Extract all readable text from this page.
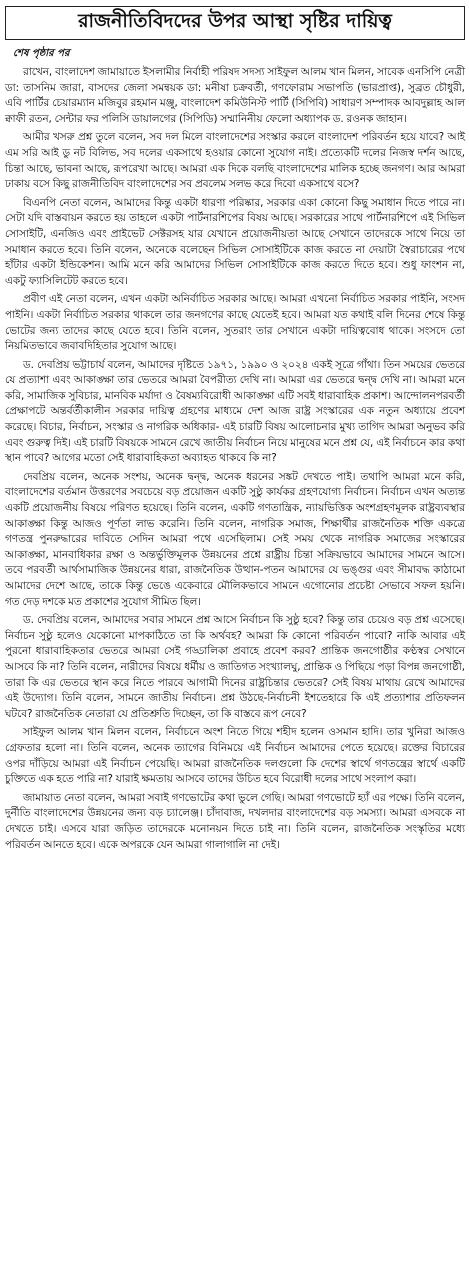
রাজনীতিবিদদের উপর আস্থা সৃষ্টির দায়িত্ব
শেষ পৃষ্ঠার পর

রাখেন, বাংলাদেশ জামায়াতে ইসলামীর নির্বাহী পরিষদ সদস্য সাইফুল আলম খান মিলন, সাবেক এনসিপি নেত্রী ডা: তাসনিম জারা, বাসদের জেলা সমন্বয়ক ডা: মনীষা চক্রবর্তী, গণফোরাম সভাপতি (ভারপ্রাপ্ত), সুব্রত চৌধুরী, এবি পার্টির চেয়ারম্যান মজিবুর রহমান মঞ্জু, বাংলাদেশ কমিউনিস্ট পার্টি (সিপিবি) সাধারণ সম্পাদক আবদুল্লাহ আল ক্বাফী রতন, সেন্টার ফর পলিসি ডায়ালগের (সিপিডি) সম্মানিনীয় ফেলো অধ্যাপক ড. রওনক জাহান।

আমীর খসরু প্রশ্ন তুলে বলেন, সব দল মিলে বাংলাদেশের সংস্কার করলে বাংলাদেশ পরিবর্তন হয়ে যাবে? আই এম সরি আই ডু নট বিলিভ, সব দলের একসাথে হওয়ার কোনো সুযোগ নাই। প্রত্যেকটি দলের নিজস্ব দর্শন আছে, চিন্তা আছে, ভাবনা আছে, রূপরেখা আছে। আমরা এক দিকে বলছি বাংলাদেশের মালিক হচ্ছে জনগণ। আর আমরা ঢাকায় বসে কিছু রাজনীতিবিদ বাংলাদেশের সব প্রবলেম সলভ করে দিবো একসাথে বসে?

বিএনপি নেতা বলেন, আমাদের কিন্তু একটা ধারণা পরিষ্কার, সরকার একা কোনো কিছু সমাধান দিতে পারে না। সেটা যদি বাস্তবায়ন করতে হয় তাহলে একটা পার্টনারশিপের বিষয় আছে। সরকারের সাথে পার্টনারশিপে এই সিভিল সোসাইটি, এনজিও এবং প্রাইভেট সেক্টরসহ যার যেখানে প্রয়োজনীয়তা আছে সেখানে তাদেরকে সাথে নিয়ে তা সমাধান করতে হবে। তিনি বলেন, অনেকে বলেছেন সিভিল সোসাইটিকে কাজ করতে না দেয়াটা স্বৈরাচারের পথে হাঁটার একটা ইন্ডিকেশন। আমি মনে করি আমাদের সিভিল সোসাইটিকে কাজ করতে দিতে হবে। শুধু ফাংশন না, একটু ফ্যাসিলিটেট করতে হবে।

প্রবীণ এই নেতা বলেন, এখন একটা অনির্বাচিত সরকার আছে। আমরা এখনো নির্বাচিত সরকার পাইনি, সংসদ পাইনি। একটা নির্বাচিত সরকার থাকলে তার জনগণের কাছে যেতেই হবে। আমরা যত কথাই বলি দিনের শেষে কিন্তু ভোটের জন্য তাদের কাছে যেতে হবে। তিনি বলেন, সুতরাং তার সেখানে একটা দায়িত্ববোধ থাকে। সংসদে তো নিয়মিতভাবে জবাবদিহিতার সুযোগ আছে।

ড. দেবপ্রিয় ভট্টাচার্য বলেন, আমাদের দৃষ্টিতে ১৯৭১, ১৯৯০ ও ২০২৪ একই সূত্রে গাঁথা। তিন সময়ের ভেতরে যে প্রত্যাশা এবং আকাঙ্ক্ষা তার ভেতরে আমরা বৈপরীত্য দেখি না। আমরা এর ভেতরে দ্বন্দ্ব দেখি না। আমরা মনে করি, সামাজিক সুবিচার, মানবিক মর্যাদা ও বৈষম্যবিরোধী আকাঙ্ক্ষা এটি সবই ধারাবাহিক প্রকাশ। আন্দোলনপরবর্তী প্রেক্ষাপটে অন্তর্বর্তীকালীন সরকার দায়িত্ব গ্রহণের মাধ্যমে দেশ আজ রাষ্ট্র সংস্কারের এক নতুন অধ্যায়ে প্রবেশ করেছে। বিচার, নির্বাচন, সংস্কার ও নাগরিক অধিকার- এই চারটি বিষয় আলোচনার মুখ্য তাগিদ আমরা অনুভব করি এবং গুরুত্ব দিই। এই চারটি বিষয়কে সামনে রেখে জাতীয় নির্বাচন নিয়ে মানুষের মনে প্রশ্ন যে, এই নির্বাচনে কার কথা স্থান পাবে? আগের মতো সেই ধারাবাহিকতা অব্যাহত থাকবে কি না?

দেবপ্রিয় বলেন, অনেক সংশয়, অনেক দ্বন্দ্ব, অনেক ধরনের সঙ্কট দেখতে পাই। তথাপি আমরা মনে করি, বাংলাদেশের বর্তমান উত্তরণের সবচেয়ে বড় প্রয়োজন একটি সুষ্ঠু কার্যকর গ্রহণযোগ্য নির্বাচন। নির্বাচন এখন অত্যন্ত একটি প্রয়োজনীয় বিষয়ে পরিণত হয়েছে। তিনি বলেন, একটি গণতান্ত্রিক, ন্যায়ভিত্তিক অংশগ্রহণমূলক রাষ্ট্রব্যবস্থার আকাঙ্ক্ষা কিন্তু আজও পূর্ণতা লাভ করেনি। তিনি বলেন, নাগরিক সমাজ, শিক্ষার্থীর রাজনৈতিক শক্তি একত্রে গণতন্ত্র পুনরুদ্ধারের দাবিতে সেদিন আমরা পথে এসেছিলাম। সেই সময় থেকে নাগরিক সমাজের সংস্কারের আকাঙ্ক্ষা, মানবাধিকার রক্ষা ও অন্তর্ভুক্তিমূলক উন্নয়নের প্রশ্নে রাষ্ট্রীয় চিন্তা সক্রিয়ভাবে আমাদের সামনে আসে। তবে পরবর্তী আর্থসামাজিক উন্নয়নের ধারা, রাজনৈতিক উত্থান-পতন আমাদের যে ভঙ্গুর এবং সীমাবদ্ধ কাঠামো আমাদের দেশে আছে, তাকে কিন্তু ভেঙে একেবারে মৌলিকভাবে সামনে এগোনোর প্রচেষ্টা সেভাবে সফল হয়নি। গত দেড় দশকে মত প্রকাশের সুযোগ সীমিত ছিল।

ড. দেবপ্রিয় বলেন, আমাদের সবার সামনে প্রশ্ন আসে নির্বাচন কি সুষ্ঠু হবে? কিন্তু তার চেয়েও বড় প্রশ্ন এসেছে। নির্বাচন সুষ্ঠু হলেও যেকোনো মাপকাঠিতে তা কি অর্থবহ? আমরা কি কোনো পরিবর্তন পাবো? নাকি আবার এই পুরনো ধারাবাহিকতার ভেতরে আমরা সেই গড্ডালিকা প্রবাহে প্রবেশ করব? প্রান্তিক জনগোষ্ঠীর কণ্ঠস্বর সেখানে আসবে কি না? তিনি বলেন, নারীদের বিষয়ে ধর্মীয় ও জাতিগত সংখ্যালঘু, প্রান্তিক ও পিছিয়ে পড়া বিপন্ন জনগোষ্ঠী, তারা কি এর ভেতরে স্থান করে নিতে পারবে আগামী দিনের রাষ্ট্রচিন্তার ভেতরে? সেই বিষয় মাথায় রেখে আমাদের এই উদ্যোগ। তিনি বলেন, সামনে জাতীয় নির্বাচন। প্রশ্ন উঠছে-নির্বাচনী ইশতেহারে কি এই প্রত্যাশার প্রতিফলন ঘটবে? রাজনৈতিক নেতারা যে প্রতিশ্রুতি দিচ্ছেন, তা কি বাস্তবে রূপ নেবে?

সাইফুল আলম খান মিলন বলেন, নির্বাচনে অংশ নিতে গিয়ে শহীদ হলেন ওসমান হাদি। তার খুনিরা আজও গ্রেফতার হলো না। তিনি বলেন, অনেক ত্যাগের বিনিময়ে এই নির্বাচন আমাদের পেতে হয়েছে। রক্তের বিচারের ওপর দাঁড়িয়ে আমরা এই নির্বাচন পেয়েছি। আমরা রাজনৈতিক দলগুলো কি দেশের স্বার্থে গণতন্ত্রের স্বার্থে একটি চুক্তিতে এক হতে পারি না? যারাই ক্ষমতায় আসবে তাদের উচিত হবে বিরোধী দলের সাথে সংলাপ করা।

জামায়াত নেতা বলেন, আমরা সবাই গণভোটের কথা ভুলে গেছি। আমরা গণভোটে হ্যাঁ এর পক্ষে। তিনি বলেন, দুর্নীতি বাংলাদেশের উন্নয়নের জন্য বড় চ্যালেঞ্জ। চাঁদাবাজ, দখলদার বাংলাদেশের বড় সমস্যা। আমরা এসবকে না দেখতে চাই। এসবে যারা জড়িত তাদেরকে মনোনয়ন দিতে চাই না। তিনি বলেন, রাজনৈতিক সংস্কৃতির মধ্যে পরিবর্তন আনতে হবে। একে অপরকে যেন আমরা গালাগালি না দেই।
